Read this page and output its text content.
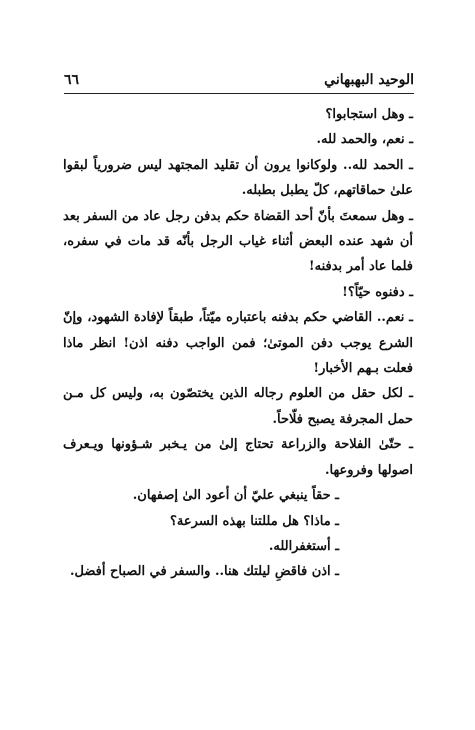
الوحيد البهبهاني
٦٦

ـ وهل استجابوا؟

ـ نعم، والحمد لله.

ـ الحمد لله.. ولوكانوا يرون أن تقليد المجتهد ليس ضرورياً لبقوا علىٰ حماقاتهم، كلّ يطبل بطبله.

ـ وهل سمعتَ بأنّ أحد القضاة حكم بدفن رجل عاد من السفر بعد أن شهد عنده البعض أثناء غياب الرجل بأنّه قد مات في سفره، فلما عاد أمر بدفنه!

ـ دفنوه حيّاً؟!

ـ نعم.. القاضي حكم بدفنه باعتباره ميّتاً، طبقاً لإفادة الشهود، وإنّ الشرع يوجب دفن الموتىٰ؛ فمن الواجب دفنه اذن! انظر ماذا فعلت بـهم الأخبار!

ـ لكل حقل من العلوم رجاله الذين يختصّون به، وليس كل مـن حمل المجرفة يصبح فلّاحاً.

ـ حتّىٰ الفلاحة والزراعة تحتاج إلىٰ من يـخبر شـؤونها ويـعرف اصولها وفروعها.

ـ حقاً ينبغي عليّ أن أعود الىٰ إصفهان.

ـ ماذا؟ هل مللتنا بهذه السرعة؟

ـ أستغفرالله.

ـ اذن فاقضِ ليلتك هنا.. والسفر في الصباح أفضل.
